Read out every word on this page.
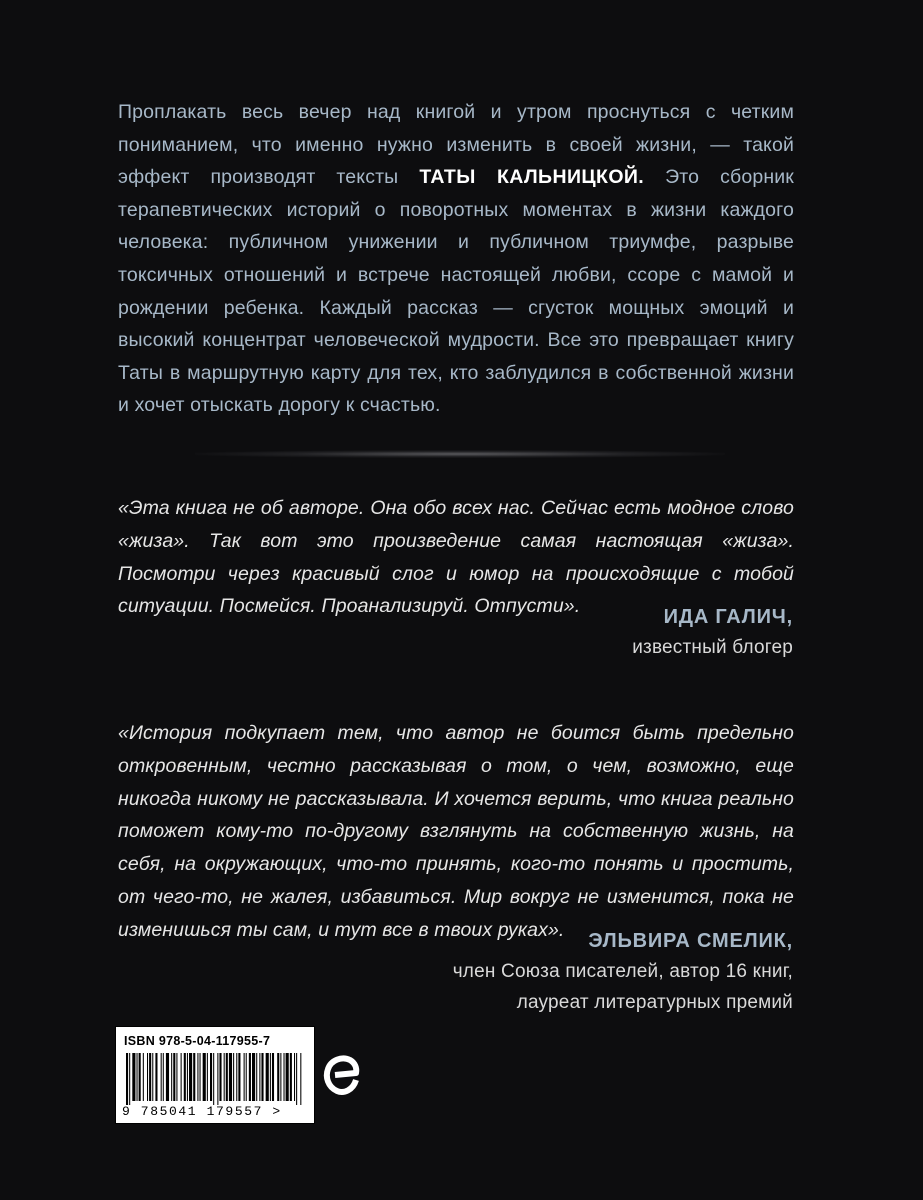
Проплакать весь вечер над книгой и утром проснуться с четким пониманием, что именно нужно изменить в своей жизни, — такой эффект производят тексты ТАТЫ КАЛЬНИЦКОЙ. Это сборник терапевтических историй о поворотных моментах в жизни каждого человека: публичном унижении и публичном триумфе, разрыве токсичных отношений и встрече настоящей любви, ссоре с мамой и рождении ребенка. Каждый рассказ — сгусток мощных эмоций и высокий концентрат человеческой мудрости. Все это превращает книгу Таты в маршрутную карту для тех, кто заблудился в собственной жизни и хочет отыскать дорогу к счастью.

«Эта книга не об авторе. Она обо всех нас. Сейчас есть модное слово «жиза». Так вот это произведение самая настоящая «жиза». Посмотри через красивый слог и юмор на происходящие с тобой ситуации. Посмейся. Проанализируй. Отпусти».	ИДА ГАЛИЧ,
известный блогер

«История подкупает тем, что автор не боится быть предельно откровенным, честно рассказывая о том, о чем, возможно, еще никогда никому не рассказывала. И хочется верить, что книга реально поможет кому-то по-другому взглянуть на собственную жизнь, на себя, на окружающих, что-то принять, кого-то понять и простить, от чего-то, не жалея, избавиться. Мир вокруг не изменится, пока не изменишься ты сам, и тут все в твоих руках».

ЭЛЬВИРА СМЕЛИК,
член Союза писателей, автор 16 книг,
лауреат литературных премий
ISBN 978-5-04-117955-7
9 785041 179557 >
